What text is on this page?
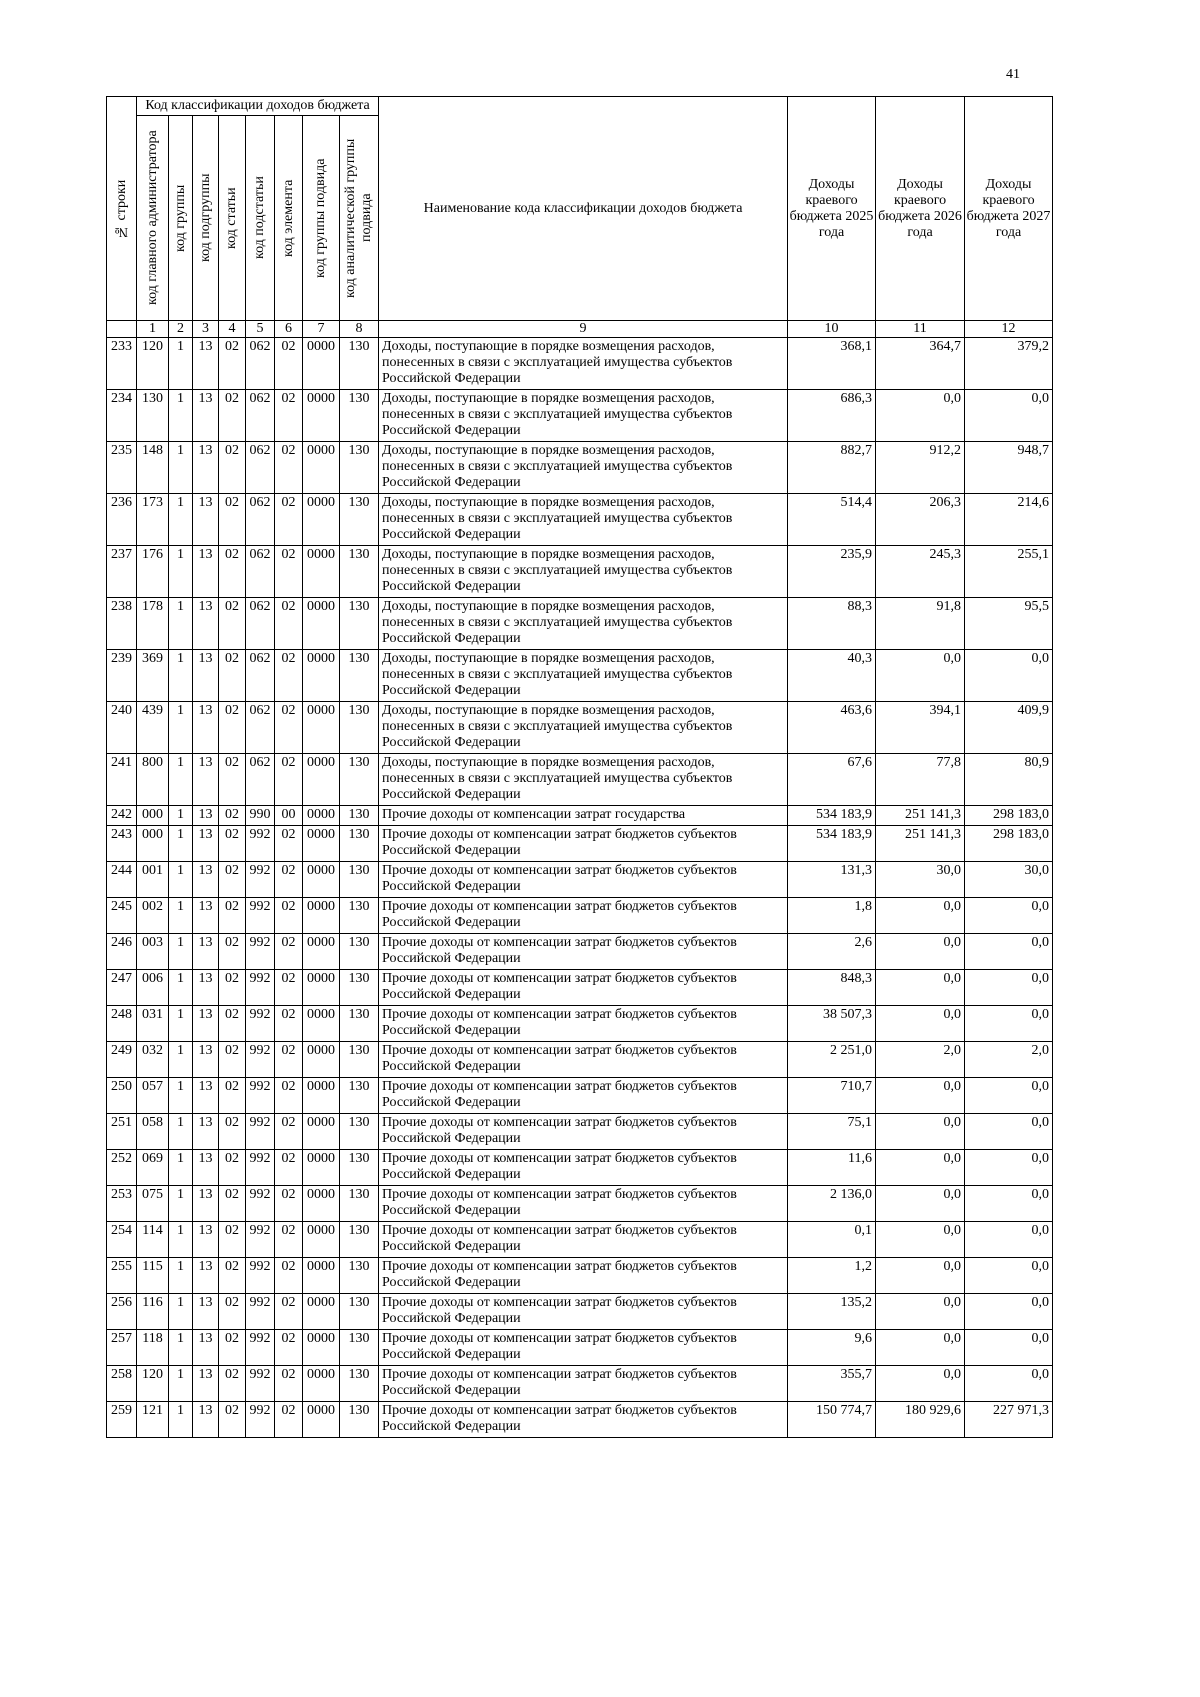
41
№ строки	Код классификации доходов бюджета								Наименование кода классификации доходов бюджета	Доходы краевого бюджета 2025 года	Доходы краевого бюджета 2026 года	Доходы краевого бюджета 2027 года
	код главного администратора	код группы	код подгруппы	код статьи	код подстатьи	код элемента	код группы подвида	код аналитической группы подвида				
	1	2	3	4	5	6	7	8	9	10	11	12
233	120	1	13	02	062	02	0000	130	Доходы, поступающие в порядке возмещения расходов, понесенных в связи с эксплуатацией имущества субъектов Российской Федерации	368,1	364,7	379,2
234	130	1	13	02	062	02	0000	130	Доходы, поступающие в порядке возмещения расходов, понесенных в связи с эксплуатацией имущества субъектов Российской Федерации	686,3	0,0	0,0
235	148	1	13	02	062	02	0000	130	Доходы, поступающие в порядке возмещения расходов, понесенных в связи с эксплуатацией имущества субъектов Российской Федерации	882,7	912,2	948,7
236	173	1	13	02	062	02	0000	130	Доходы, поступающие в порядке возмещения расходов, понесенных в связи с эксплуатацией имущества субъектов Российской Федерации	514,4	206,3	214,6
237	176	1	13	02	062	02	0000	130	Доходы, поступающие в порядке возмещения расходов, понесенных в связи с эксплуатацией имущества субъектов Российской Федерации	235,9	245,3	255,1
238	178	1	13	02	062	02	0000	130	Доходы, поступающие в порядке возмещения расходов, понесенных в связи с эксплуатацией имущества субъектов Российской Федерации	88,3	91,8	95,5
239	369	1	13	02	062	02	0000	130	Доходы, поступающие в порядке возмещения расходов, понесенных в связи с эксплуатацией имущества субъектов Российской Федерации	40,3	0,0	0,0
240	439	1	13	02	062	02	0000	130	Доходы, поступающие в порядке возмещения расходов, понесенных в связи с эксплуатацией имущества субъектов Российской Федерации	463,6	394,1	409,9
241	800	1	13	02	062	02	0000	130	Доходы, поступающие в порядке возмещения расходов, понесенных в связи с эксплуатацией имущества субъектов Российской Федерации	67,6	77,8	80,9
242	000	1	13	02	990	00	0000	130	Прочие доходы от компенсации затрат государства	534 183,9	251 141,3	298 183,0
243	000	1	13	02	992	02	0000	130	Прочие доходы от компенсации затрат бюджетов субъектов Российской Федерации	534 183,9	251 141,3	298 183,0
244	001	1	13	02	992	02	0000	130	Прочие доходы от компенсации затрат бюджетов субъектов Российской Федерации	131,3	30,0	30,0
245	002	1	13	02	992	02	0000	130	Прочие доходы от компенсации затрат бюджетов субъектов Российской Федерации	1,8	0,0	0,0
246	003	1	13	02	992	02	0000	130	Прочие доходы от компенсации затрат бюджетов субъектов Российской Федерации	2,6	0,0	0,0
247	006	1	13	02	992	02	0000	130	Прочие доходы от компенсации затрат бюджетов субъектов Российской Федерации	848,3	0,0	0,0
248	031	1	13	02	992	02	0000	130	Прочие доходы от компенсации затрат бюджетов субъектов Российской Федерации	38 507,3	0,0	0,0
249	032	1	13	02	992	02	0000	130	Прочие доходы от компенсации затрат бюджетов субъектов Российской Федерации	2 251,0	2,0	2,0
250	057	1	13	02	992	02	0000	130	Прочие доходы от компенсации затрат бюджетов субъектов Российской Федерации	710,7	0,0	0,0
251	058	1	13	02	992	02	0000	130	Прочие доходы от компенсации затрат бюджетов субъектов Российской Федерации	75,1	0,0	0,0
252	069	1	13	02	992	02	0000	130	Прочие доходы от компенсации затрат бюджетов субъектов Российской Федерации	11,6	0,0	0,0
253	075	1	13	02	992	02	0000	130	Прочие доходы от компенсации затрат бюджетов субъектов Российской Федерации	2 136,0	0,0	0,0
254	114	1	13	02	992	02	0000	130	Прочие доходы от компенсации затрат бюджетов субъектов Российской Федерации	0,1	0,0	0,0
255	115	1	13	02	992	02	0000	130	Прочие доходы от компенсации затрат бюджетов субъектов Российской Федерации	1,2	0,0	0,0
256	116	1	13	02	992	02	0000	130	Прочие доходы от компенсации затрат бюджетов субъектов Российской Федерации	135,2	0,0	0,0
257	118	1	13	02	992	02	0000	130	Прочие доходы от компенсации затрат бюджетов субъектов Российской Федерации	9,6	0,0	0,0
258	120	1	13	02	992	02	0000	130	Прочие доходы от компенсации затрат бюджетов субъектов Российской Федерации	355,7	0,0	0,0
259	121	1	13	02	992	02	0000	130	Прочие доходы от компенсации затрат бюджетов субъектов Российской Федерации	150 774,7	180 929,6	227 971,3
